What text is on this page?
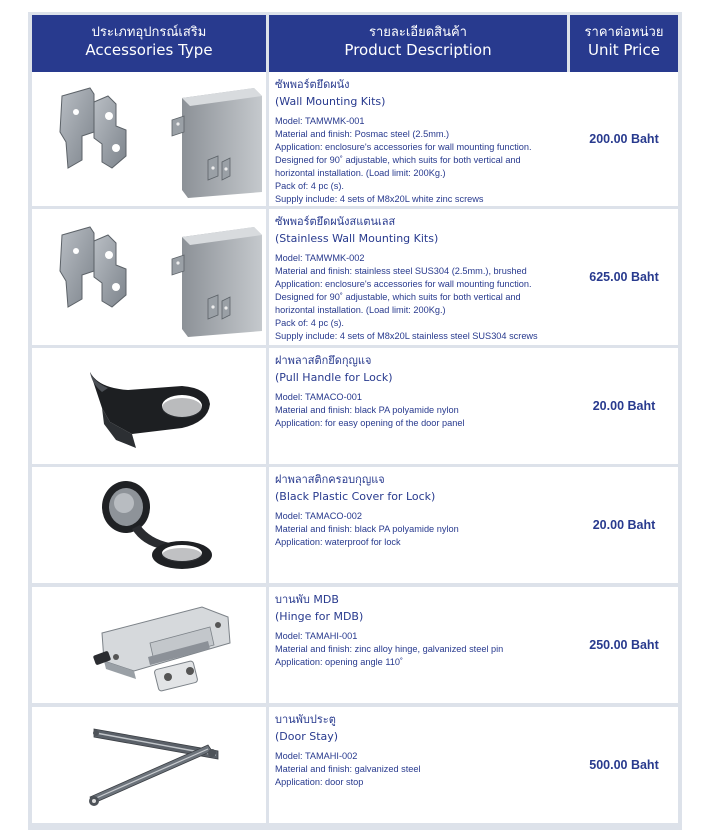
ประเภทอุปกรณ์เสริม
Accessories Type
รายละเอียดสินค้า
Product Description
ราคาต่อหน่วย
Unit Price
ซัพพอร์ตยึดผนัง
(Wall Mounting Kits)
Model: TAMWMK-001
Material and finish: Posmac steel (2.5mm.)
Application: enclosure's accessories for wall mounting function.
Designed for 90˚ adjustable, which suits for both vertical and
horizontal installation. (Load limit: 200Kg.)
Pack of: 4 pc (s).
Supply include: 4 sets of M8x20L white zinc screws
200.00 Baht
ซัพพอร์ตยึดผนังสแตนเลส
(Stainless Wall Mounting Kits)
Model: TAMWMK-002
Material and finish: stainless steel SUS304 (2.5mm.), brushed
Application: enclosure's accessories for wall mounting function.
Designed for 90˚ adjustable, which suits for both vertical and
horizontal installation. (Load limit: 200Kg.)
Pack of: 4 pc (s).
Supply include: 4 sets of M8x20L stainless steel SUS304 screws
625.00 Baht
ฝาพลาสติกยึดกุญแจ
(Pull Handle for Lock)
Model: TAMACO-001
Material and finish: black PA polyamide nylon
Application: for easy opening of the door panel
20.00 Baht
ฝาพลาสติกครอบกุญแจ
(Black Plastic Cover for Lock)
Model: TAMACO-002
Material and finish: black PA polyamide nylon
Application: waterproof for lock
20.00 Baht
บานพับ MDB
(Hinge for MDB)
Model: TAMAHI-001
Material and finish: zinc alloy hinge, galvanized steel pin
Application: opening angle 110˚
250.00 Baht
บานพับประตู
(Door Stay)
Model: TAMAHI-002
Material and finish: galvanized steel
Application: door stop
500.00 Baht
